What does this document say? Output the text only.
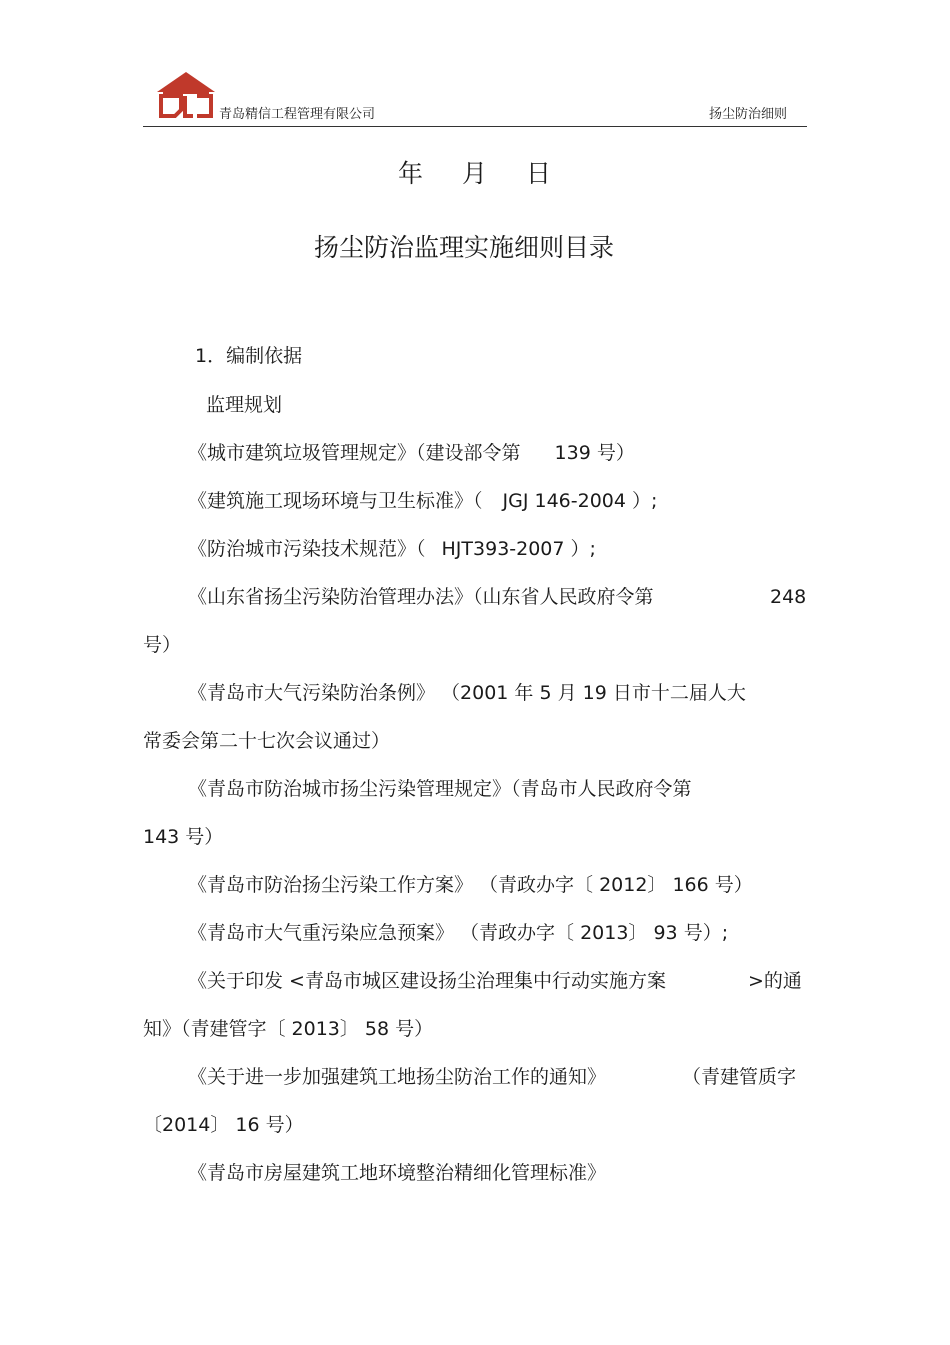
青岛精信工程管理有限公司	扬尘防治细则
年 月 日
扬尘防治监理实施细则目录
1．编制依据
监理规划
《城市建筑垃圾管理规定》（建设部令第 139 号）
《建筑施工现场环境与卫生标准》（ JGJ 146-2004 ）;
《防治城市污染技术规范》（ HJT393-2007 ）;
《山东省扬尘污染防治管理办法》（山东省人民政府令第	248
号）
《青岛市大气污染防治条例》 （2001 年 5 月 19 日市十二届人大
常委会第二十七次会议通过）
《青岛市防治城市扬尘污染管理规定》（青岛市人民政府令第
143 号）
《青岛市防治扬尘污染工作方案》 （青政办字〔 2012〕 166 号）
《青岛市大气重污染应急预案》 （青政办字〔 2013〕 93 号）;
《关于印发 <青岛市城区建设扬尘治理集中行动实施方案	>的通
知》（青建管字〔 2013〕 58 号）
《关于进一步加强建筑工地扬尘防治工作的通知》	（青建管质字
〔2014〕 16 号）
《青岛市房屋建筑工地环境整治精细化管理标准》
